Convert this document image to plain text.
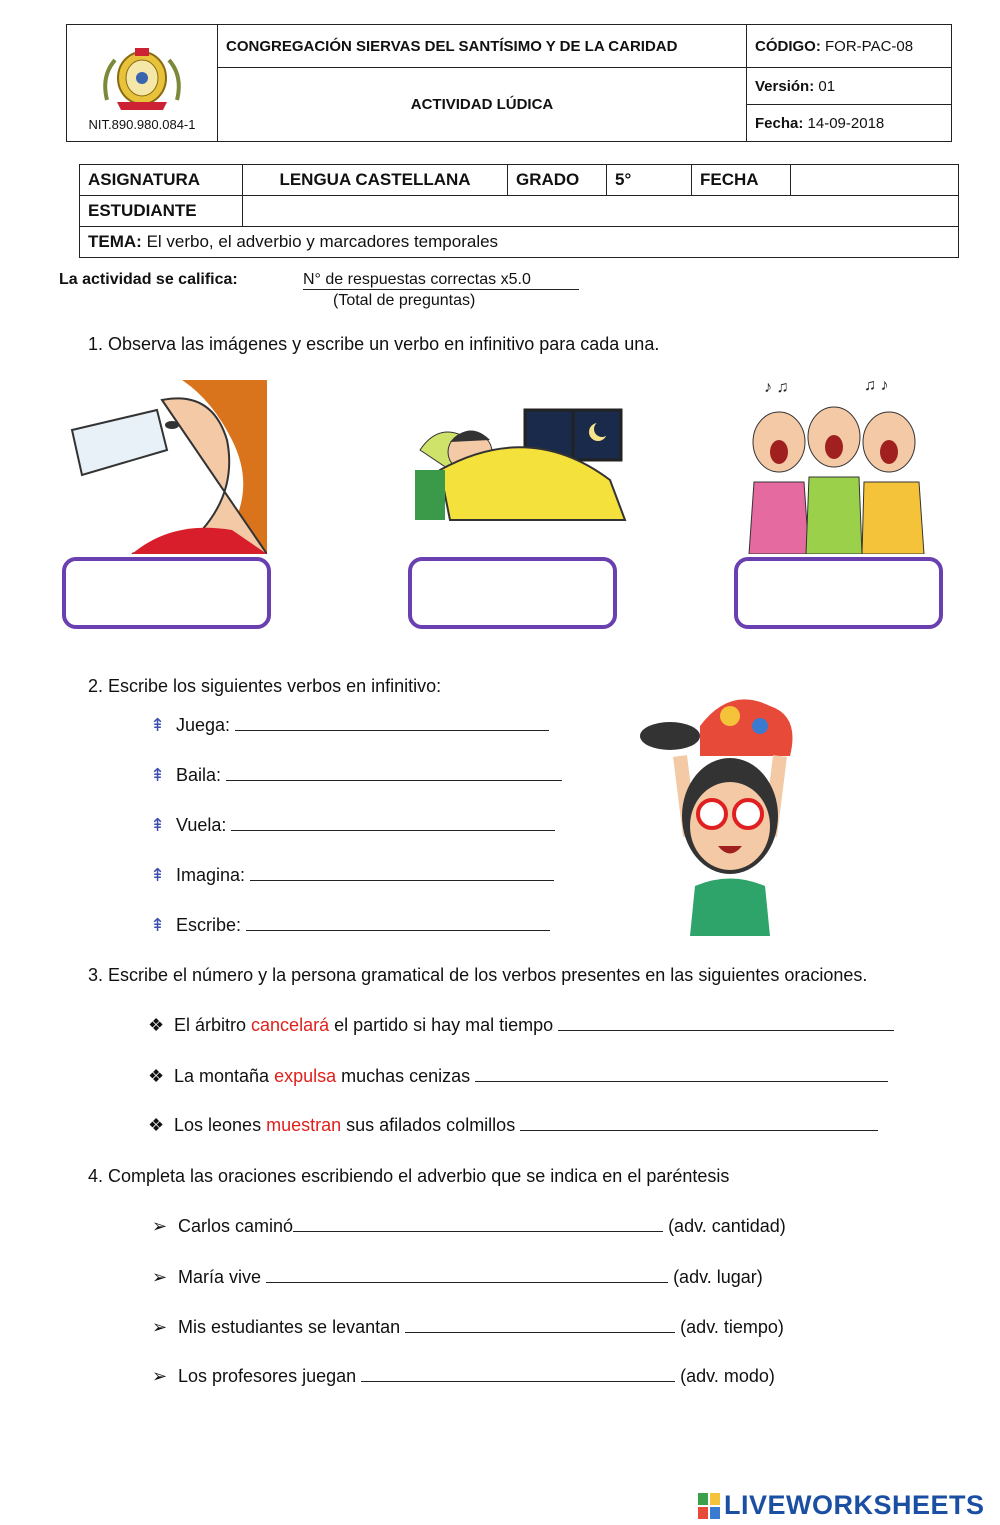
NIT.890.980.084-1	CONGREGACIÓN SIERVAS DEL SANTÍSIMO Y DE LA CARIDAD	CÓDIGO: FOR-PAC-08
	ACTIVIDAD LÚDICA	Versión: 01
		Fecha: 14-09-2018
ASIGNATURA	LENGUA CASTELLANA	GRADO	5°	FECHA	
ESTUDIANTE					
TEMA: El verbo, el adverbio y marcadores temporales					
La actividad se califica:	N° de respuestas correctas x5.0
(Total de preguntas)
1. Observa las imágenes y escribe un verbo en infinitivo para cada una.
♪ ♫	♫ ♪
2. Escribe los siguientes verbos en infinitivo:
⇞ Juega:
⇞ Baila:
⇞ Vuela:
⇞ Imagina:
⇞ Escribe:
3. Escribe el número y la persona gramatical de los verbos presentes en las siguientes oraciones.
❖ El árbitro cancelará el partido si hay mal tiempo
❖ La montaña expulsa muchas cenizas
❖ Los leones muestran sus afilados colmillos
4. Completa las oraciones escribiendo el adverbio que se indica en el paréntesis
➢ Carlos caminó	(adv. cantidad)
➢ María vive	(adv. lugar)
➢ Mis estudiantes se levantan	(adv. tiempo)
➢ Los profesores juegan	(adv. modo)
LIVEWORKSHEETS
